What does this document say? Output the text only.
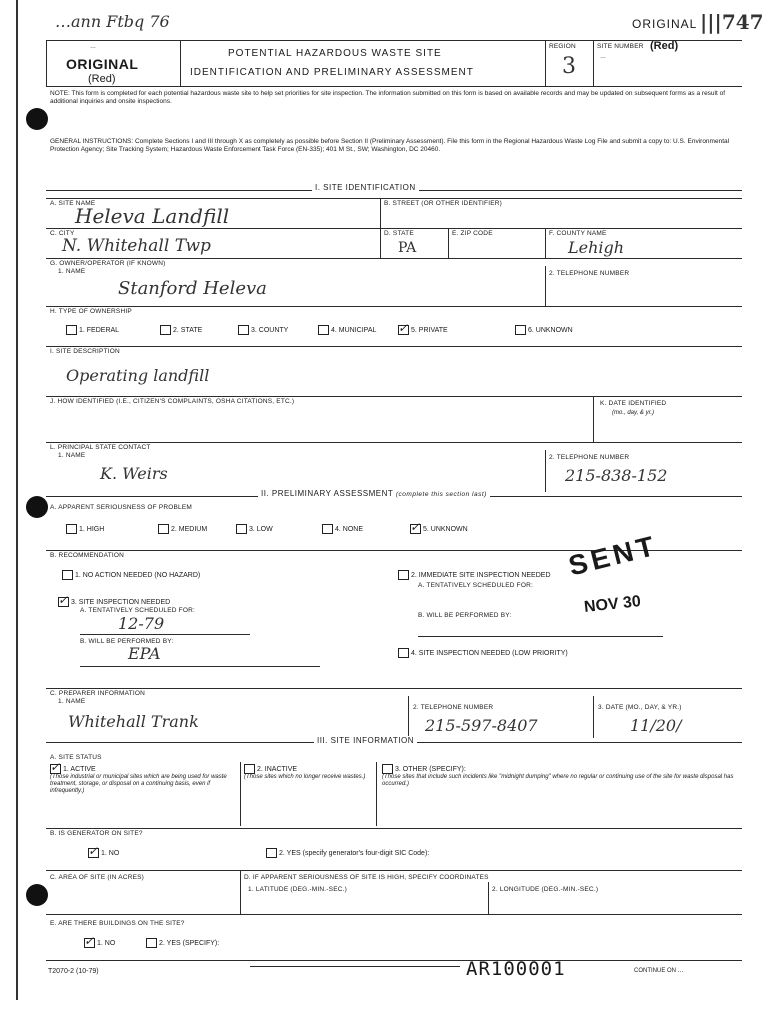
…ann Ftbq 76	ORIGINAL |||747
…
ORIGINAL
(Red)
POTENTIAL HAZARDOUS WASTE SITE
IDENTIFICATION AND PRELIMINARY ASSESSMENT
REGION
3
SITE NUMBER (Red)
…
NOTE: This form is completed for each potential hazardous waste site to help set priorities for site inspection. The information submitted on this form is based on available records and may be updated on subsequent forms as a result of additional inquiries and onsite inspections.
GENERAL INSTRUCTIONS: Complete Sections I and III through X as completely as possible before Section II (Preliminary Assessment). File this form in the Regional Hazardous Waste Log File and submit a copy to: U.S. Environmental Protection Agency; Site Tracking System; Hazardous Waste Enforcement Task Force (EN-335); 401 M St., SW; Washington, DC 20460.
I. SITE IDENTIFICATION
A. SITE NAME
Heleva Landfill
B. STREET (OR OTHER IDENTIFIER)
C. CITY
N. Whitehall Twp
D. STATE
PA
E. ZIP CODE	F. COUNTY NAME
Lehigh
G. OWNER/OPERATOR (IF KNOWN)
1. NAME
Stanford Heleva
2. TELEPHONE NUMBER
H. TYPE OF OWNERSHIP
1. FEDERAL	2. STATE	3. COUNTY	4. MUNICIPAL ✓ 5. PRIVATE	6. UNKNOWN
I. SITE DESCRIPTION
Operating landfill
J. HOW IDENTIFIED (I.E., CITIZEN'S COMPLAINTS, OSHA CITATIONS, ETC.)	K. DATE IDENTIFIED
(mo., day, & yr.)
L. PRINCIPAL STATE CONTACT
1. NAME
K. Weirs
2. TELEPHONE NUMBER
215-838-152
II. PRELIMINARY ASSESSMENT (complete this section last)
A. APPARENT SERIOUSNESS OF PROBLEM
1. HIGH	2. MEDIUM	3. LOW	4. NONE	✓ 5. UNKNOWN
B. RECOMMENDATION
1. NO ACTION NEEDED (NO HAZARD)	2. IMMEDIATE SITE INSPECTION NEEDED
A. TENTATIVELY SCHEDULED FOR:
B. WILL BE PERFORMED BY:
SENT
NOV 30
✓ 3. SITE INSPECTION NEEDED
A. TENTATIVELY SCHEDULED FOR:
12-79
B. WILL BE PERFORMED BY:
EPA	4. SITE INSPECTION NEEDED (LOW PRIORITY)
C. PREPARER INFORMATION
1. NAME
Whitehall Trank
2. TELEPHONE NUMBER
215-597-8407
3. DATE (MO., DAY, & YR.)
11/20/
III. SITE INFORMATION
A. SITE STATUS
✓ 1. ACTIVE
(Those industrial or municipal sites which are being used for waste treatment, storage, or disposal on a continuing basis, even if infrequently.)
2. INACTIVE
(Those sites which no longer receive wastes.)
3. OTHER (SPECIFY):
(Those sites that include such incidents like "midnight dumping" where no regular or continuing use of the site for waste disposal has occurred.)
B. IS GENERATOR ON SITE?
✓ 1. NO	2. YES (specify generator's four-digit SIC Code):
C. AREA OF SITE (IN ACRES)	D. IF APPARENT SERIOUSNESS OF SITE IS HIGH, SPECIFY COORDINATES
1. LATITUDE (DEG.-MIN.-SEC.)	2. LONGITUDE (DEG.-MIN.-SEC.)
E. ARE THERE BUILDINGS ON THE SITE?
✓ 1. NO	2. YES (SPECIFY):
T2070-2 (10-79)	AR100001	CONTINUE ON …
